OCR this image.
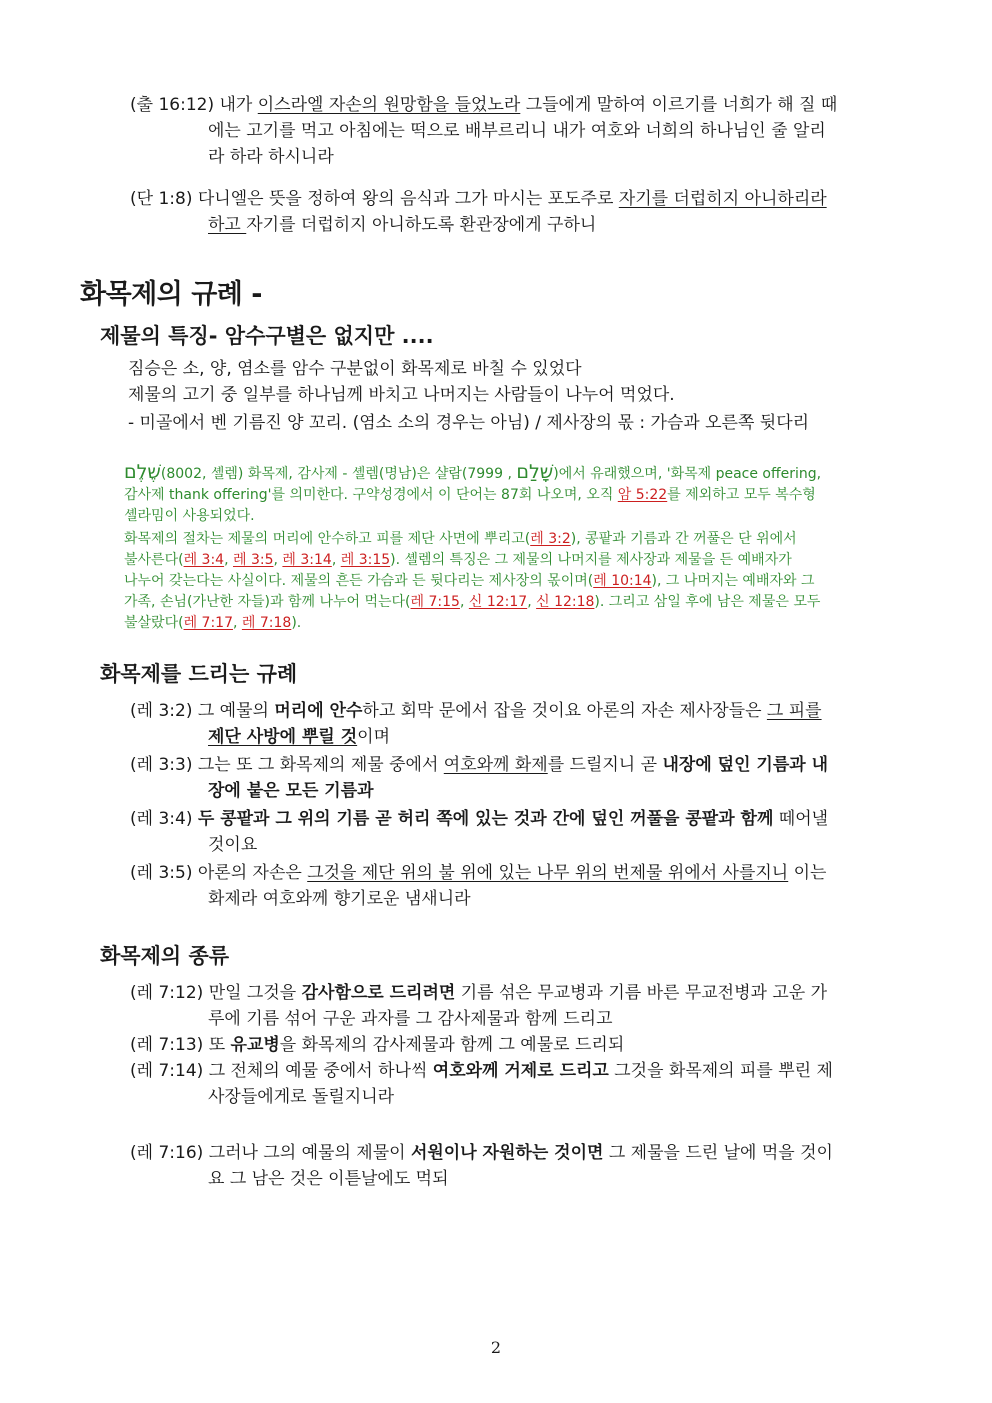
(출 16:12) 내가 이스라엘 자손의 원망함을 들었노라 그들에게 말하여 이르기를 너희가 해 질 때
에는 고기를 먹고 아침에는 떡으로 배부르리니 내가 여호와 너희의 하나님인 줄 알리
라 하라 하시니라
(단 1:8) 다니엘은 뜻을 정하여 왕의 음식과 그가 마시는 포도주로 자기를 더럽히지 아니하리라
하고 자기를 더럽히지 아니하도록 환관장에게 구하니
화목제의 규례 -
제물의 특징- 암수구별은 없지만 ....
짐승은 소, 양, 염소를 암수 구분없이 화목제로 바칠 수 있었다
제물의 고기 중 일부를 하나님께 바치고 나머지는 사람들이 나누어 먹었다.
- 미골에서 벤 기름진 양 꼬리. (염소 소의 경우는 아님) / 제사장의 몫 : 가슴과 오른쪽 뒷다리
שֶׁלֶם(8002, 셸렘) 화목제, 감사제 - 셸렘(명남)은 샬람(	שָׁלַם , 7999)에서 유래했으며, '화목제 peace offering,
감사제 thank offering'를 의미한다. 구약성경에서 이 단어는 87회 나오며, 오직 암 5:22를 제외하고 모두 복수형
셸라밈이 사용되었다.
화목제의 절차는 제물의 머리에 안수하고 피를 제단 사면에 뿌리고(레 3:2), 콩팥과 기름과 간 꺼풀은 단 위에서
불사른다(레 3:4, 레 3:5, 레 3:14, 레 3:15). 셸렘의 특징은 그 제물의 나머지를 제사장과 제물을 든 예배자가
나누어 갖는다는 사실이다. 제물의 흔든 가슴과 든 뒷다리는 제사장의 몫이며(레 10:14), 그 나머지는 예배자와 그
가족, 손님(가난한 자들)과 함께 나누어 먹는다(레 7:15, 신 12:17, 신 12:18). 그리고 삼일 후에 남은 제물은 모두
불살랐다(레 7:17, 레 7:18).
화목제를 드리는 규례
(레 3:2) 그 예물의 머리에 안수하고 회막 문에서 잡을 것이요 아론의 자손 제사장들은 그 피를
제단 사방에 뿌릴 것이며
(레 3:3) 그는 또 그 화목제의 제물 중에서 여호와께 화제를 드릴지니 곧 내장에 덮인 기름과 내
장에 붙은 모든 기름과
(레 3:4) 두 콩팥과 그 위의 기름 곧 허리 쪽에 있는 것과 간에 덮인 꺼풀을 콩팥과 함께 떼어낼
것이요
(레 3:5) 아론의 자손은 그것을 제단 위의 불 위에 있는 나무 위의 번제물 위에서 사를지니 이는
화제라 여호와께 향기로운 냄새니라
화목제의 종류
(레 7:12) 만일 그것을 감사함으로 드리려면 기름 섞은 무교병과 기름 바른 무교전병과 고운 가
루에 기름 섞어 구운 과자를 그 감사제물과 함께 드리고
(레 7:13) 또 유교병을 화목제의 감사제물과 함께 그 예물로 드리되
(레 7:14) 그 전체의 예물 중에서 하나씩 여호와께 거제로 드리고 그것을 화목제의 피를 뿌린 제
사장들에게로 돌릴지니라
(레 7:16) 그러나 그의 예물의 제물이 서원이나 자원하는 것이면 그 제물을 드린 날에 먹을 것이
요 그 남은 것은 이튿날에도 먹되
2
